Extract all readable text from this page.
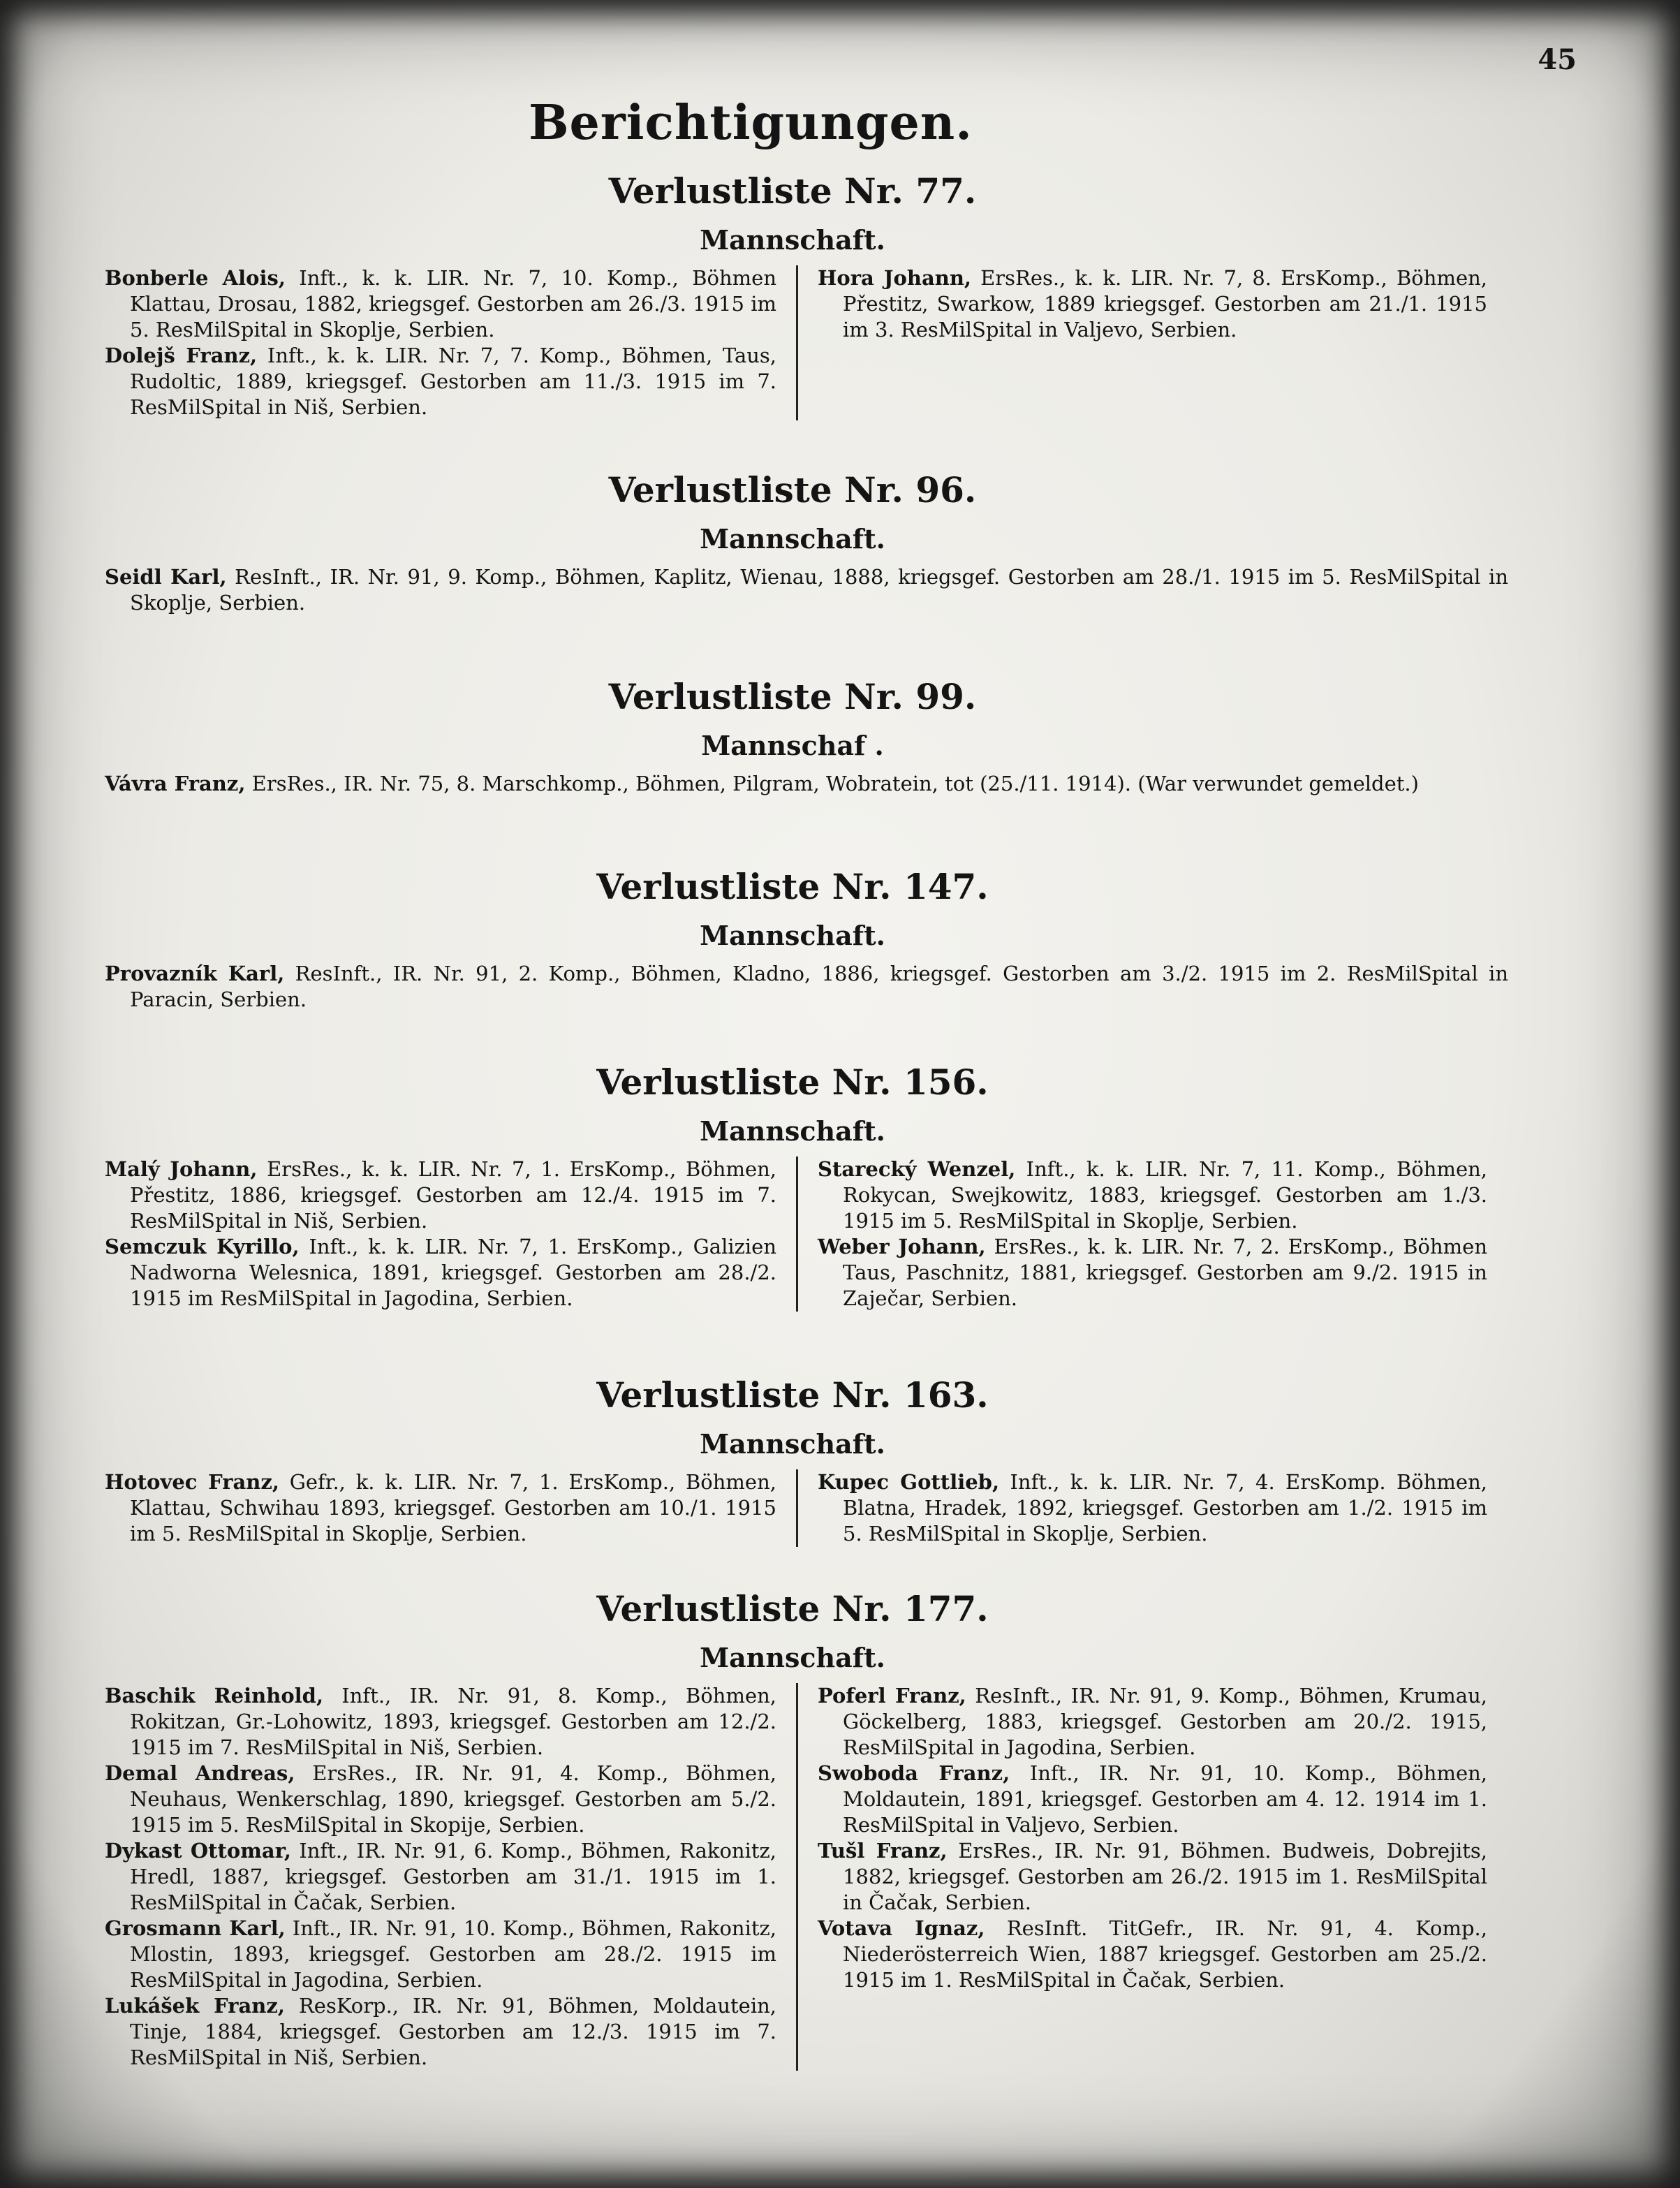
45
Berichtigungen.
Verlustliste Nr. 77.
Mannschaft.

Bonberle Alois, Inft., k. k. LIR. Nr. 7, 10. Komp., Böhmen Klattau, Drosau, 1882, kriegsgef. Gestorben am 26./3. 1915 im 5. ResMilSpital in Skoplje, Serbien.

Dolejš Franz, Inft., k. k. LIR. Nr. 7, 7. Komp., Böhmen, Taus, Rudoltic, 1889, kriegsgef. Gestorben am 11./3. 1915 im 7. ResMilSpital in Niš, Serbien.

Hora Johann, ErsRes., k. k. LIR. Nr. 7, 8. ErsKomp., Böhmen, Přestitz, Swarkow, 1889 kriegsgef. Gestorben am 21./1. 1915 im 3. ResMilSpital in Valjevo, Serbien.

Verlustliste Nr. 96.
Mannschaft.

Seidl Karl, ResInft., IR. Nr. 91, 9. Komp., Böhmen, Kaplitz, Wienau, 1888, kriegsgef. Gestorben am 28./1. 1915 im 5. ResMilSpital in Skoplje, Serbien.

Verlustliste Nr. 99.
Mannschaf .

Vávra Franz, ErsRes., IR. Nr. 75, 8. Marschkomp., Böhmen, Pilgram, Wobratein, tot (25./11. 1914). (War verwundet gemeldet.)

Verlustliste Nr. 147.
Mannschaft.

Provazník Karl, ResInft., IR. Nr. 91, 2. Komp., Böhmen, Kladno, 1886, kriegsgef. Gestorben am 3./2. 1915 im 2. ResMilSpital in Paracin, Serbien.

Verlustliste Nr. 156.
Mannschaft.

Malý Johann, ErsRes., k. k. LIR. Nr. 7, 1. ErsKomp., Böhmen, Přestitz, 1886, kriegsgef. Gestorben am 12./4. 1915 im 7. ResMilSpital in Niš, Serbien.

Semczuk Kyrillo, Inft., k. k. LIR. Nr. 7, 1. ErsKomp., Galizien Nadworna Welesnica, 1891, kriegsgef. Gestorben am 28./2. 1915 im ResMilSpital in Jagodina, Serbien.

Starecký Wenzel, Inft., k. k. LIR. Nr. 7, 11. Komp., Böhmen, Rokycan, Swejkowitz, 1883, kriegsgef. Gestorben am 1./3. 1915 im 5. ResMilSpital in Skoplje, Serbien.

Weber Johann, ErsRes., k. k. LIR. Nr. 7, 2. ErsKomp., Böhmen Taus, Paschnitz, 1881, kriegsgef. Gestorben am 9./2. 1915 in Zaječar, Serbien.

Verlustliste Nr. 163.
Mannschaft.

Hotovec Franz, Gefr., k. k. LIR. Nr. 7, 1. ErsKomp., Böhmen, Klattau, Schwihau 1893, kriegsgef. Gestorben am 10./1. 1915 im 5. ResMilSpital in Skoplje, Serbien.

Kupec Gottlieb, Inft., k. k. LIR. Nr. 7, 4. ErsKomp. Böhmen, Blatna, Hradek, 1892, kriegsgef. Gestorben am 1./2. 1915 im 5. ResMilSpital in Skoplje, Serbien.

Verlustliste Nr. 177.
Mannschaft.

Baschik Reinhold, Inft., IR. Nr. 91, 8. Komp., Böhmen, Rokitzan, Gr.-Lohowitz, 1893, kriegsgef. Gestorben am 12./2. 1915 im 7. ResMilSpital in Niš, Serbien.

Demal Andreas, ErsRes., IR. Nr. 91, 4. Komp., Böhmen, Neuhaus, Wenkerschlag, 1890, kriegsgef. Gestorben am 5./2. 1915 im 5. ResMilSpital in Skopije, Serbien.

Dykast Ottomar, Inft., IR. Nr. 91, 6. Komp., Böhmen, Rakonitz, Hredl, 1887, kriegsgef. Gestorben am 31./1. 1915 im 1. ResMilSpital in Čačak, Serbien.

Grosmann Karl, Inft., IR. Nr. 91, 10. Komp., Böhmen, Rakonitz, Mlostin, 1893, kriegsgef. Gestorben am 28./2. 1915 im ResMilSpital in Jagodina, Serbien.

Lukášek Franz, ResKorp., IR. Nr. 91, Böhmen, Moldautein, Tinje, 1884, kriegsgef. Gestorben am 12./3. 1915 im 7. ResMilSpital in Niš, Serbien.

Poferl Franz, ResInft., IR. Nr. 91, 9. Komp., Böhmen, Krumau, Göckelberg, 1883, kriegsgef. Gestorben am 20./2. 1915, ResMilSpital in Jagodina, Serbien.

Swoboda Franz, Inft., IR. Nr. 91, 10. Komp., Böhmen, Moldautein, 1891, kriegsgef. Gestorben am 4. 12. 1914 im 1. ResMilSpital in Valjevo, Serbien.

Tušl Franz, ErsRes., IR. Nr. 91, Böhmen. Budweis, Dobrejits, 1882, kriegsgef. Gestorben am 26./2. 1915 im 1. ResMilSpital in Čačak, Serbien.

Votava Ignaz, ResInft. TitGefr., IR. Nr. 91, 4. Komp., Niederösterreich Wien, 1887 kriegsgef. Gestorben am 25./2. 1915 im 1. ResMilSpital in Čačak, Serbien.
